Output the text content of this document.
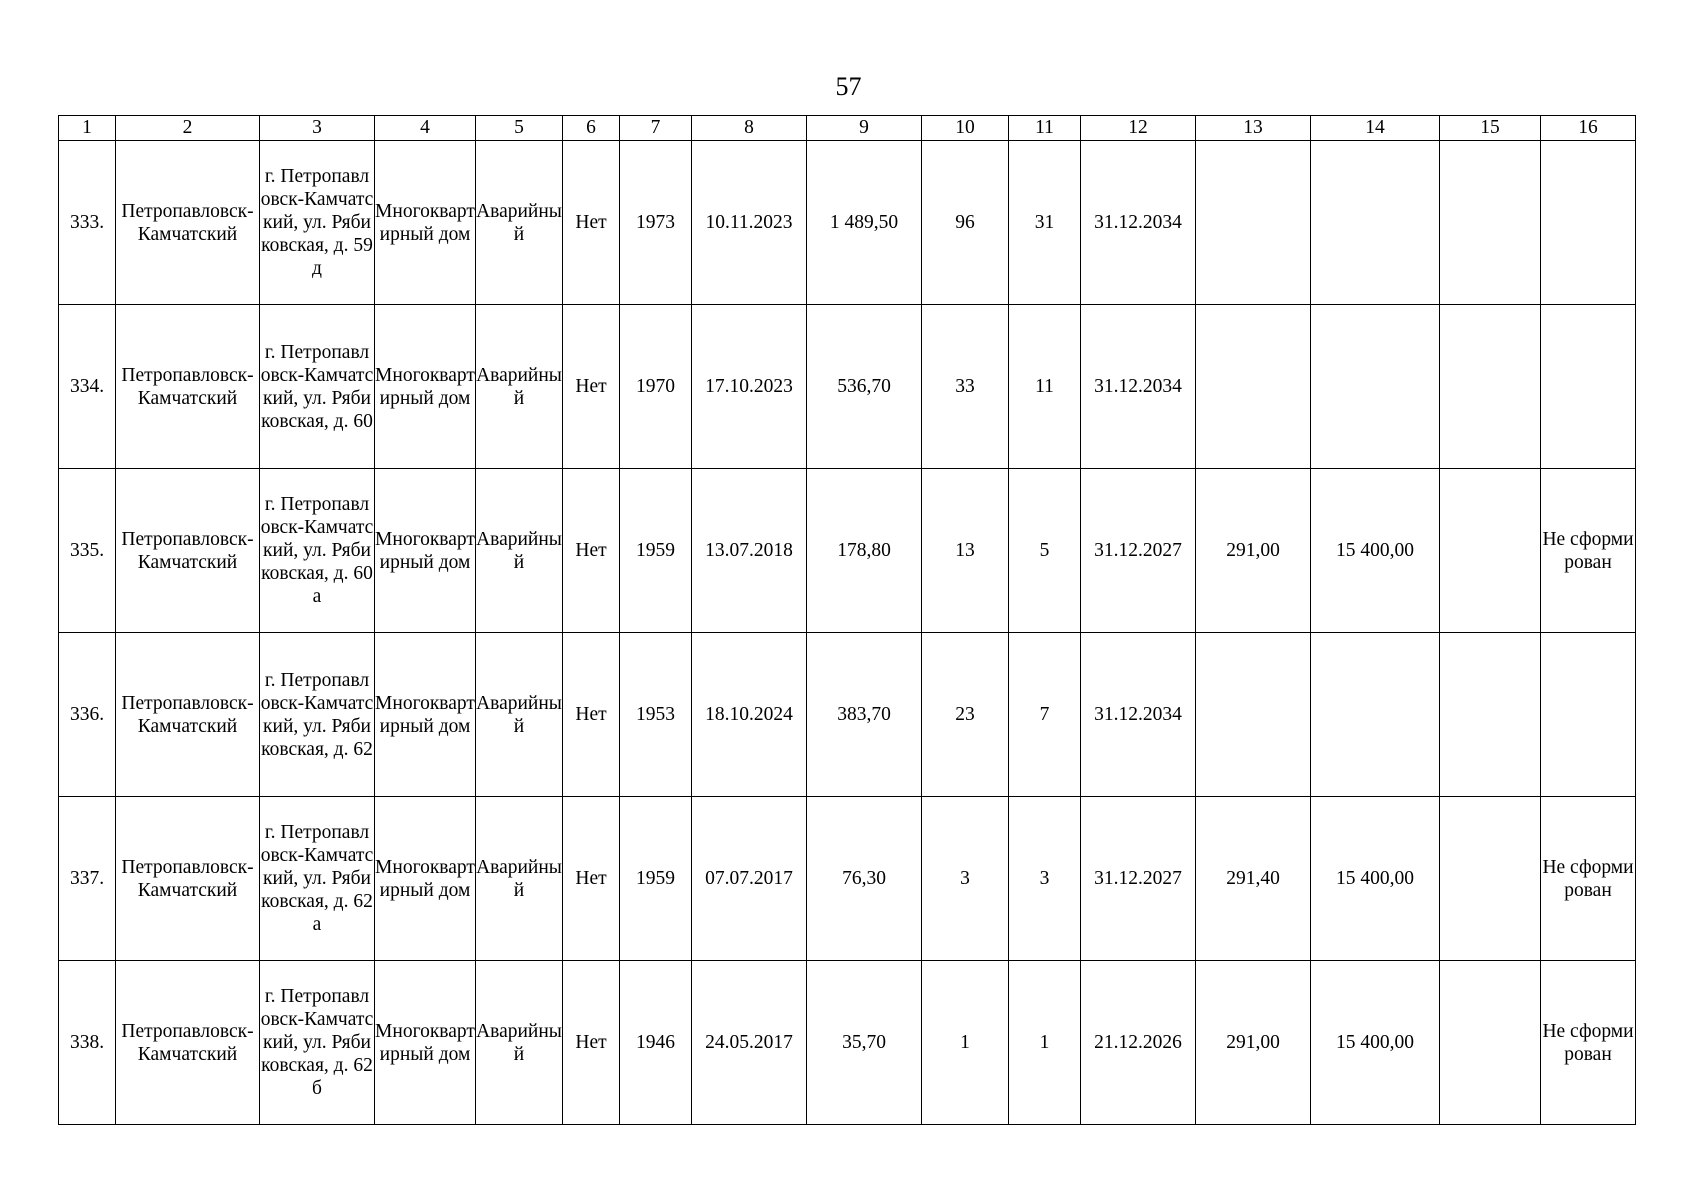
57
1	2	3	4	5	6	7	8	9	10	11	12	13	14	15	16
333.	Петропавловск-Камчатский	г. Петропавловск-Камчатский, ул. Рябиковская, д. 59д	Многоквартирный дом	Аварийный	Нет	1973	10.11.2023	1 489,50	96	31	31.12.2034				
334.	Петропавловск-Камчатский	г. Петропавловск-Камчатский, ул. Рябиковская, д. 60	Многоквартирный дом	Аварийный	Нет	1970	17.10.2023	536,70	33	11	31.12.2034				
335.	Петропавловск-Камчатский	г. Петропавловск-Камчатский, ул. Рябиковская, д. 60а	Многоквартирный дом	Аварийный	Нет	1959	13.07.2018	178,80	13	5	31.12.2027	291,00	15 400,00		Не сформирован
336.	Петропавловск-Камчатский	г. Петропавловск-Камчатский, ул. Рябиковская, д. 62	Многоквартирный дом	Аварийный	Нет	1953	18.10.2024	383,70	23	7	31.12.2034				
337.	Петропавловск-Камчатский	г. Петропавловск-Камчатский, ул. Рябиковская, д. 62а	Многоквартирный дом	Аварийный	Нет	1959	07.07.2017	76,30	3	3	31.12.2027	291,40	15 400,00		Не сформирован
338.	Петропавловск-Камчатский	г. Петропавловск-Камчатский, ул. Рябиковская, д. 62б	Многоквартирный дом	Аварийный	Нет	1946	24.05.2017	35,70	1	1	21.12.2026	291,00	15 400,00		Не сформирован
